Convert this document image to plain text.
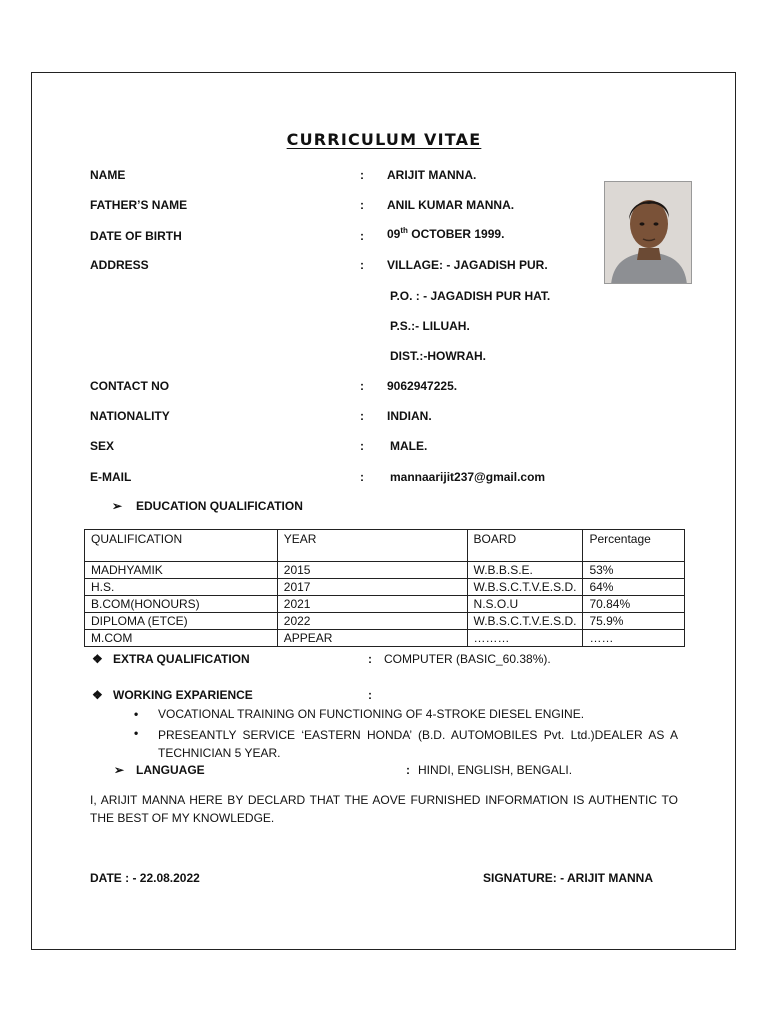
CURRICULUM VITAE
NAME	: ARIJIT MANNA.
FATHER’S NAME	: ANIL KUMAR MANNA.
DATE OF BIRTH	: 09th OCTOBER 1999.
ADDRESS	: VILLAGE: - JAGADISH PUR.
P.O. : - JAGADISH PUR HAT.
P.S.:- LILUAH.
DIST.:-HOWRAH.
CONTACT NO	: 9062947225.
NATIONALITY	: INDIAN.
SEX	: MALE.
E-MAIL	: mannaarijit237@gmail.com
➢ EDUCATION QUALIFICATION
QUALIFICATION	YEAR	BOARD	Percentage
MADHYAMIK	2015	W.B.B.S.E.	53%
H.S.	2017	W.B.S.C.T.V.E.S.D.	64%
B.COM(HONOURS)	2021	N.S.O.U	70.84%
DIPLOMA (ETCE)	2022	W.B.S.C.T.V.E.S.D.	75.9%
M.COM	APPEAR	………	……
❖ EXTRA QUALIFICATION	: COMPUTER (BASIC_60.38%).
❖ WORKING EXPARIENCE	:
• VOCATIONAL TRAINING ON FUNCTIONING OF 4-STROKE DIESEL ENGINE.
• PRESEANTLY SERVICE ‘EASTERN HONDA’ (B.D. AUTOMOBILES Pvt. Ltd.)DEALER AS A TECHNICIAN 5 YEAR.
➢ LANGUAGE	: HINDI, ENGLISH, BENGALI.
I, ARIJIT MANNA HERE BY DECLARD THAT THE AOVE FURNISHED INFORMATION IS AUTHENTIC TO THE BEST OF MY KNOWLEDGE.
DATE : - 22.08.2022	SIGNATURE: - ARIJIT MANNA
